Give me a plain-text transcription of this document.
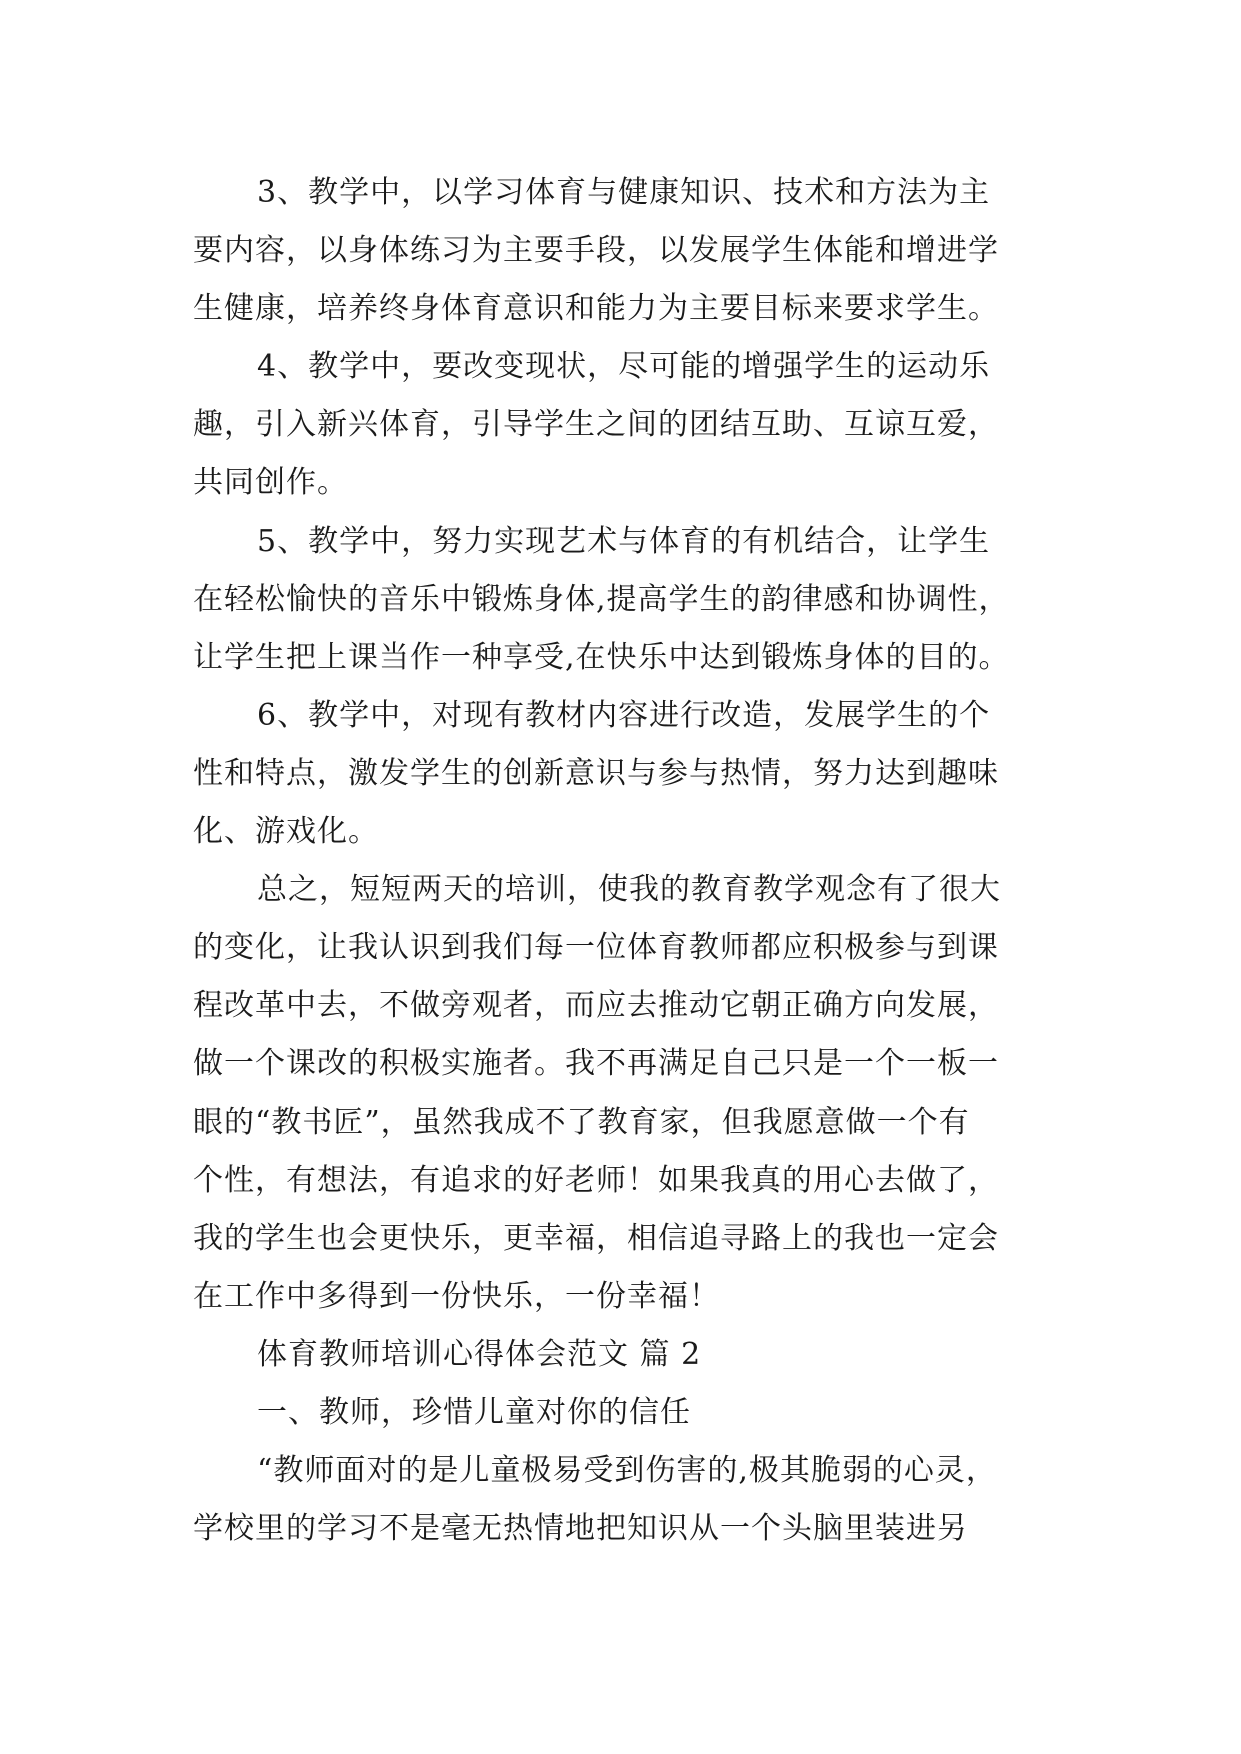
3、教学中，以学习体育与健康知识、技术和方法为主
要内容，以身体练习为主要手段，以发展学生体能和增进学
生健康，培养终身体育意识和能力为主要目标来要求学生。
4、教学中，要改变现状，尽可能的增强学生的运动乐
趣，引入新兴体育，引导学生之间的团结互助、互谅互爱，
共同创作。
5、教学中，努力实现艺术与体育的有机结合，让学生
在轻松愉快的音乐中锻炼身体,提高学生的韵律感和协调性，
让学生把上课当作一种享受,在快乐中达到锻炼身体的目的。
6、教学中，对现有教材内容进行改造，发展学生的个
性和特点，激发学生的创新意识与参与热情，努力达到趣味
化、游戏化。
总之，短短两天的培训，使我的教育教学观念有了很大
的变化，让我认识到我们每一位体育教师都应积极参与到课
程改革中去，不做旁观者，而应去推动它朝正确方向发展，
做一个课改的积极实施者。我不再满足自己只是一个一板一
眼的“教书匠”，虽然我成不了教育家，但我愿意做一个有
个性，有想法，有追求的好老师！如果我真的用心去做了，
我的学生也会更快乐，更幸福，相信追寻路上的我也一定会
在工作中多得到一份快乐，一份幸福！
体育教师培训心得体会范文 篇 2
一、教师，珍惜儿童对你的信任
“教师面对的是儿童极易受到伤害的,极其脆弱的心灵，
学校里的学习不是毫无热情地把知识从一个头脑里装进另
